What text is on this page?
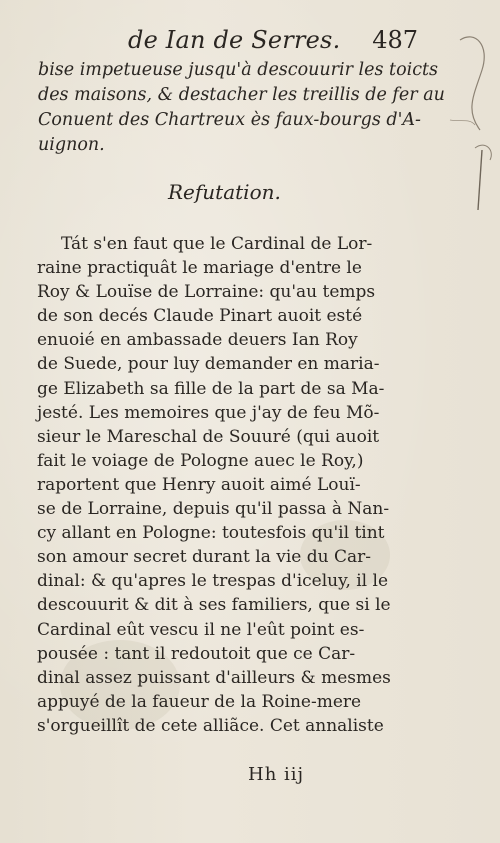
de Ian de Serres. 487
bise impetueuse jusqu'à descouurir les toicts
des maisons, & destacher les treillis de fer au
Conuent des Chartreux ès faux-bourgs d'A-
uignon.
Refutation.
Tát s'en faut que le Cardinal de Lor-
raine practiquât le mariage d'entre le
Roy & Louïse de Lorraine: qu'au temps
de son decés Claude Pinart auoit esté
enuoié en ambassade deuers Ian Roy
de Suede, pour luy demander en maria-
ge Elizabeth sa fille de la part de sa Ma-
jesté. Les memoires que j'ay de feu Mõ-
sieur le Mareschal de Souuré (qui auoit
fait le voiage de Pologne auec le Roy,)
raportent que Henry auoit aimé Louï-
se de Lorraine, depuis qu'il passa à Nan-
cy allant en Pologne: toutesfois qu'il tint
son amour secret durant la vie du Car-
dinal: & qu'apres le trespas d'iceluy, il le
descouurit & dit à ses familiers, que si le
Cardinal eût vescu il ne l'eût point es-
pousée : tant il redoutoit que ce Car-
dinal assez puissant d'ailleurs & mesmes
appuyé de la faueur de la Roine-mere
s'orgueillît de cete alliãce. Cet annaliste
Hh iij
